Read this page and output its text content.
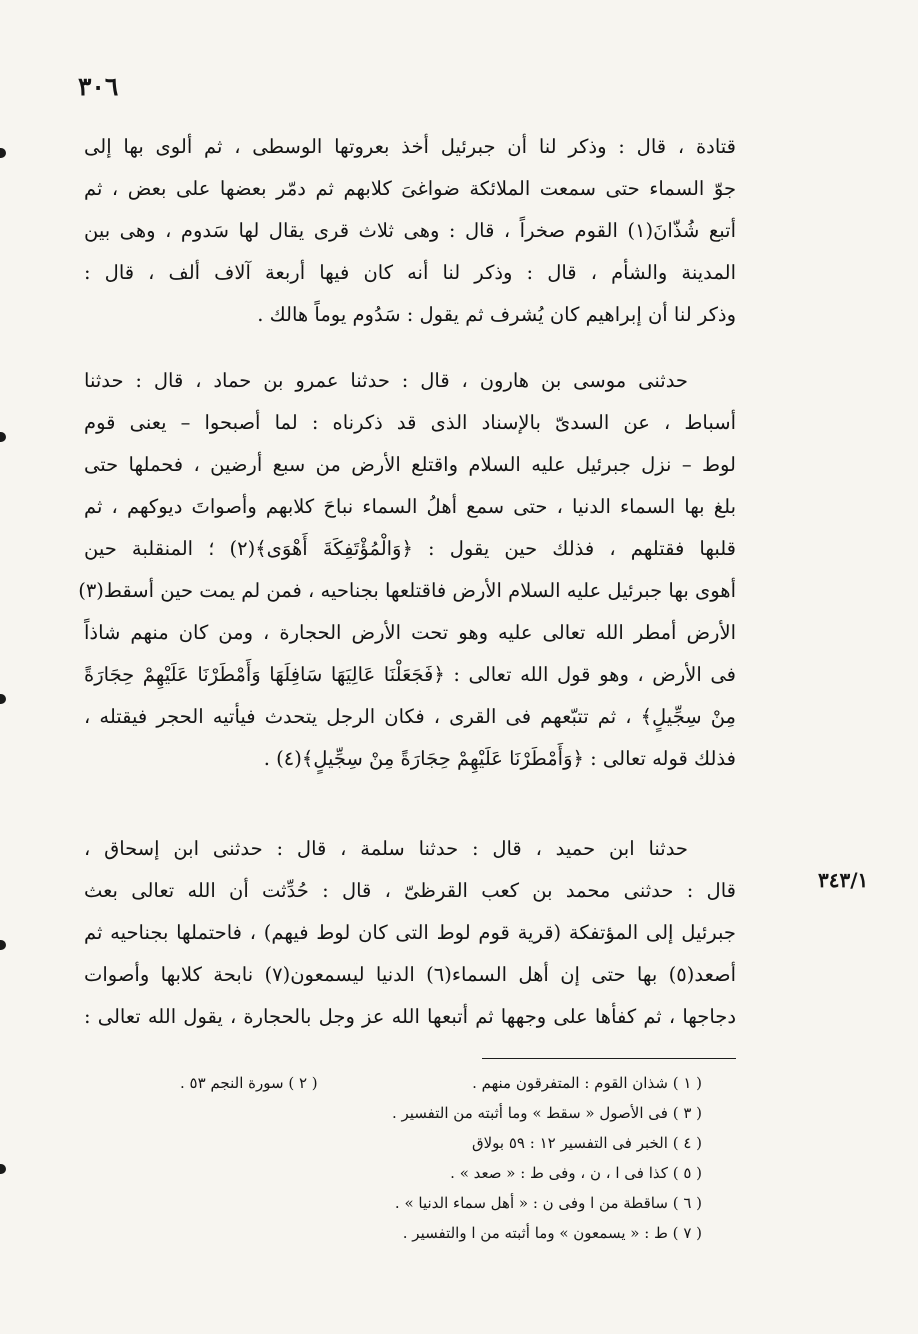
٣٠٦
قتادة ، قال : وذكر لنا أن جبرئيل أخذ بعروتها الوسطى ، ثم ألوى بها إلى
جوّ السماء حتى سمعت الملائكة ضواغىَ كلابهم ثم دمّر بعضها على بعض ، ثم
أتبع شُذّانَ(١) القوم صخراً ، قال : وهى ثلاث قرى يقال لها سَدوم ، وهى بين
المدينة والشأم ، قال : وذكر لنا أنه كان فيها أربعة آلاف ألف ، قال :
وذكر لنا أن إبراهيم كان يُشرف ثم يقول : سَدُوم يوماً هالك .
حدثنى موسى بن هارون ، قال : حدثنا عمرو بن حماد ، قال : حدثنا
أسباط ، عن السدىّ بالإسناد الذى قد ذكرناه : لما أصبحوا – يعنى قوم
لوط – نزل جبرئيل عليه السلام واقتلع الأرض من سبع أرضين ، فحملها حتى
بلغ بها السماء الدنيا ، حتى سمع أهلُ السماء نباحَ كلابهم وأصواتَ ديوكهم ، ثم
قلبها فقتلهم ، فذلك حين يقول : ﴿وَالْمُؤْتَفِكَةَ أَهْوَى﴾(٢) ؛ المنقلبة حين
أهوى بها جبرئيل عليه السلام الأرض فاقتلعها بجناحيه ، فمن لم يمت حين أسقط(٣)
الأرض أمطر الله تعالى عليه وهو تحت الأرض الحجارة ، ومن كان منهم شاذاً
فى الأرض ، وهو قول الله تعالى : ﴿فَجَعَلْنَا عَالِيَهَا سَافِلَهَا وَأَمْطَرْنَا عَلَيْهِمْ حِجَارَةً
مِنْ سِجِّيلٍ﴾ ، ثم تتبّعهم فى القرى ، فكان الرجل يتحدث فيأتيه الحجر فيقتله ،
فذلك قوله تعالى : ﴿وَأَمْطَرْنَا عَلَيْهِمْ حِجَارَةً مِنْ سِجِّيلٍ﴾(٤) .
حدثنا ابن حميد ، قال : حدثنا سلمة ، قال : حدثنى ابن إسحاق ،
قال : حدثنى محمد بن كعب القرظىّ ، قال : حُدِّثت أن الله تعالى بعث
جبرئيل إلى المؤتفكة (قرية قوم لوط التى كان لوط فيهم) ، فاحتملها بجناحيه ثم
أصعد(٥) بها حتى إن أهل السماء(٦) الدنيا ليسمعون(٧) نابحة كلابها وأصوات
دجاجها ، ثم كفأها على وجهها ثم أتبعها الله عز وجل بالحجارة ، يقول الله تعالى :
٣٤٣/١
( ١ ) شذان القوم : المتفرقون منهم .
( ٢ ) سورة النجم ٥٣ .
( ٣ ) فى الأصول « سقط » وما أثبته من التفسير .
( ٤ ) الخبر فى التفسير ١٢ : ٥٩ بولاق
( ٥ ) كذا فى ا ، ن ، وفى ط : « صعد » .
( ٦ ) ساقطة من ا وفى ن : « أهل سماء الدنيا » .
( ٧ ) ط : « يسمعون » وما أثبته من ا والتفسير .
